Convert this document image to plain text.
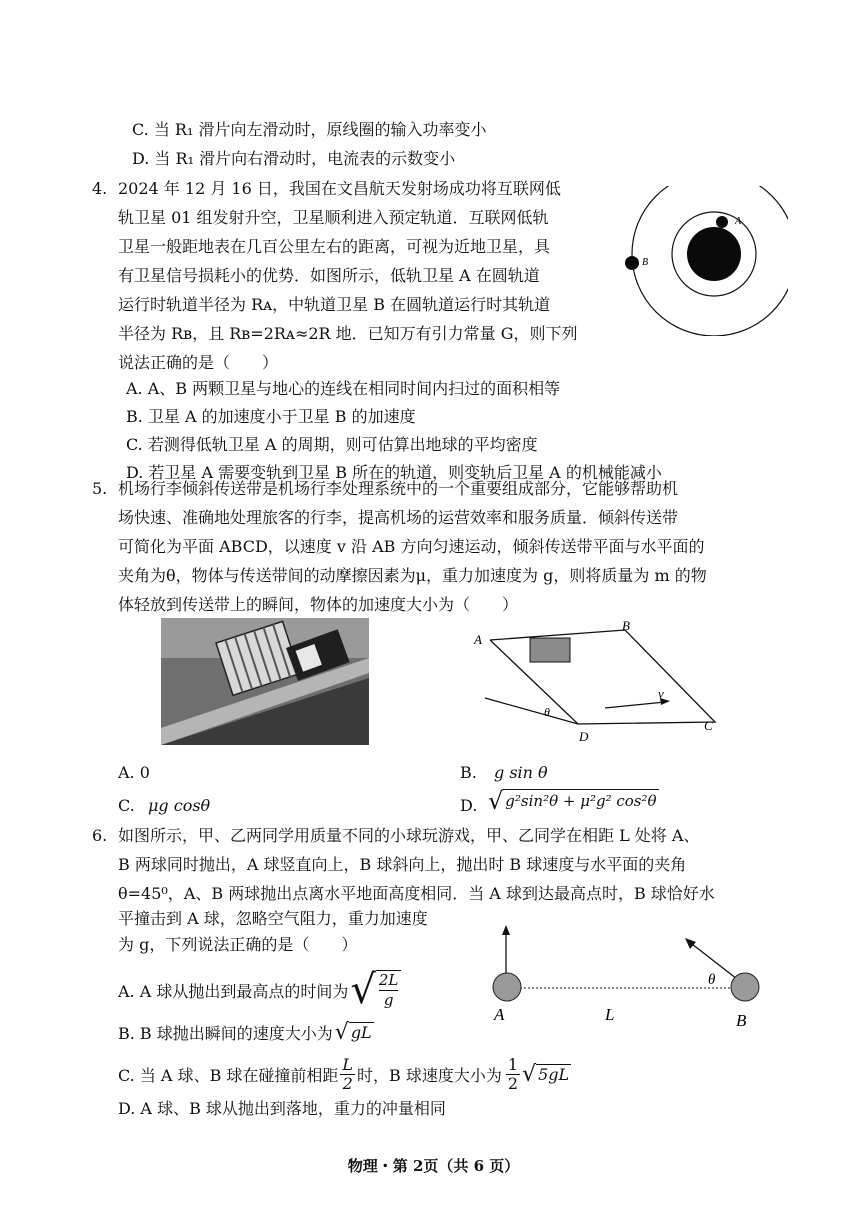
C. 当 R₁ 滑片向左滑动时，原线圈的输入功率变小
D. 当 R₁ 滑片向右滑动时，电流表的示数变小
4. 2024 年 12 月 16 日，我国在文昌航天发射场成功将互联网低
轨卫星 01 组发射升空，卫星顺利进入预定轨道．互联网低轨
卫星一般距地表在几百公里左右的距离，可视为近地卫星，具
有卫星信号损耗小的优势．如图所示，低轨卫星 A 在圆轨道
运行时轨道半径为 Rᴀ，中轨道卫星 B 在圆轨道运行时其轨道
半径为 Rʙ，且 Rʙ=2Rᴀ≈2R 地．已知万有引力常量 G，则下列
说法正确的是（　　）
A. A、B 两颗卫星与地心的连线在相同时间内扫过的面积相等
B. 卫星 A 的加速度小于卫星 B 的加速度
C. 若测得低轨卫星 A 的周期，则可估算出地球的平均密度
D. 若卫星 A 需要变轨到卫星 B 所在的轨道，则变轨后卫星 A 的机械能减小
A
B
5. 机场行李倾斜传送带是机场行李处理系统中的一个重要组成部分，它能够帮助机
场快速、准确地处理旅客的行李，提高机场的运营效率和服务质量．倾斜传送带
可简化为平面 ABCD，以速度 v 沿 AB 方向匀速运动，倾斜传送带平面与水平面的
夹角为θ，物体与传送带间的动摩擦因素为μ，重力加速度为 g，则将质量为 m 的物
体轻放到传送带上的瞬间，物体的加速度大小为（　　）
A
B
C
D
v
θ
A. 0	B. g sin θ
C. μg cosθ	D. √ g²sin²θ + μ²g² cos²θ
6. 如图所示，甲、乙两同学用质量不同的小球玩游戏，甲、乙同学在相距 L 处将 A、
B 两球同时抛出，A 球竖直向上，B 球斜向上，抛出时 B 球速度与水平面的夹角
θ=45⁰，A、B 两球抛出点离水平地面高度相同．当 A 球到达最高点时，B 球恰好水
平撞击到 A 球，忽略空气阻力，重力加速度
为 g，下列说法正确的是（　　）
A	L	B
θ
A. A 球从抛出到最高点的时间为 √ $\frac{2L}{g}$
B. B 球抛出瞬间的速度大小为 √ gL
C. 当 A 球、B 球在碰撞前相距 $\frac{L}{2}$ 时，B 球速度大小为 $\frac{1}{2}$ √ 5gL
D. A 球、B 球从抛出到落地，重力的冲量相同
物理・第 2页（共 6 页）
